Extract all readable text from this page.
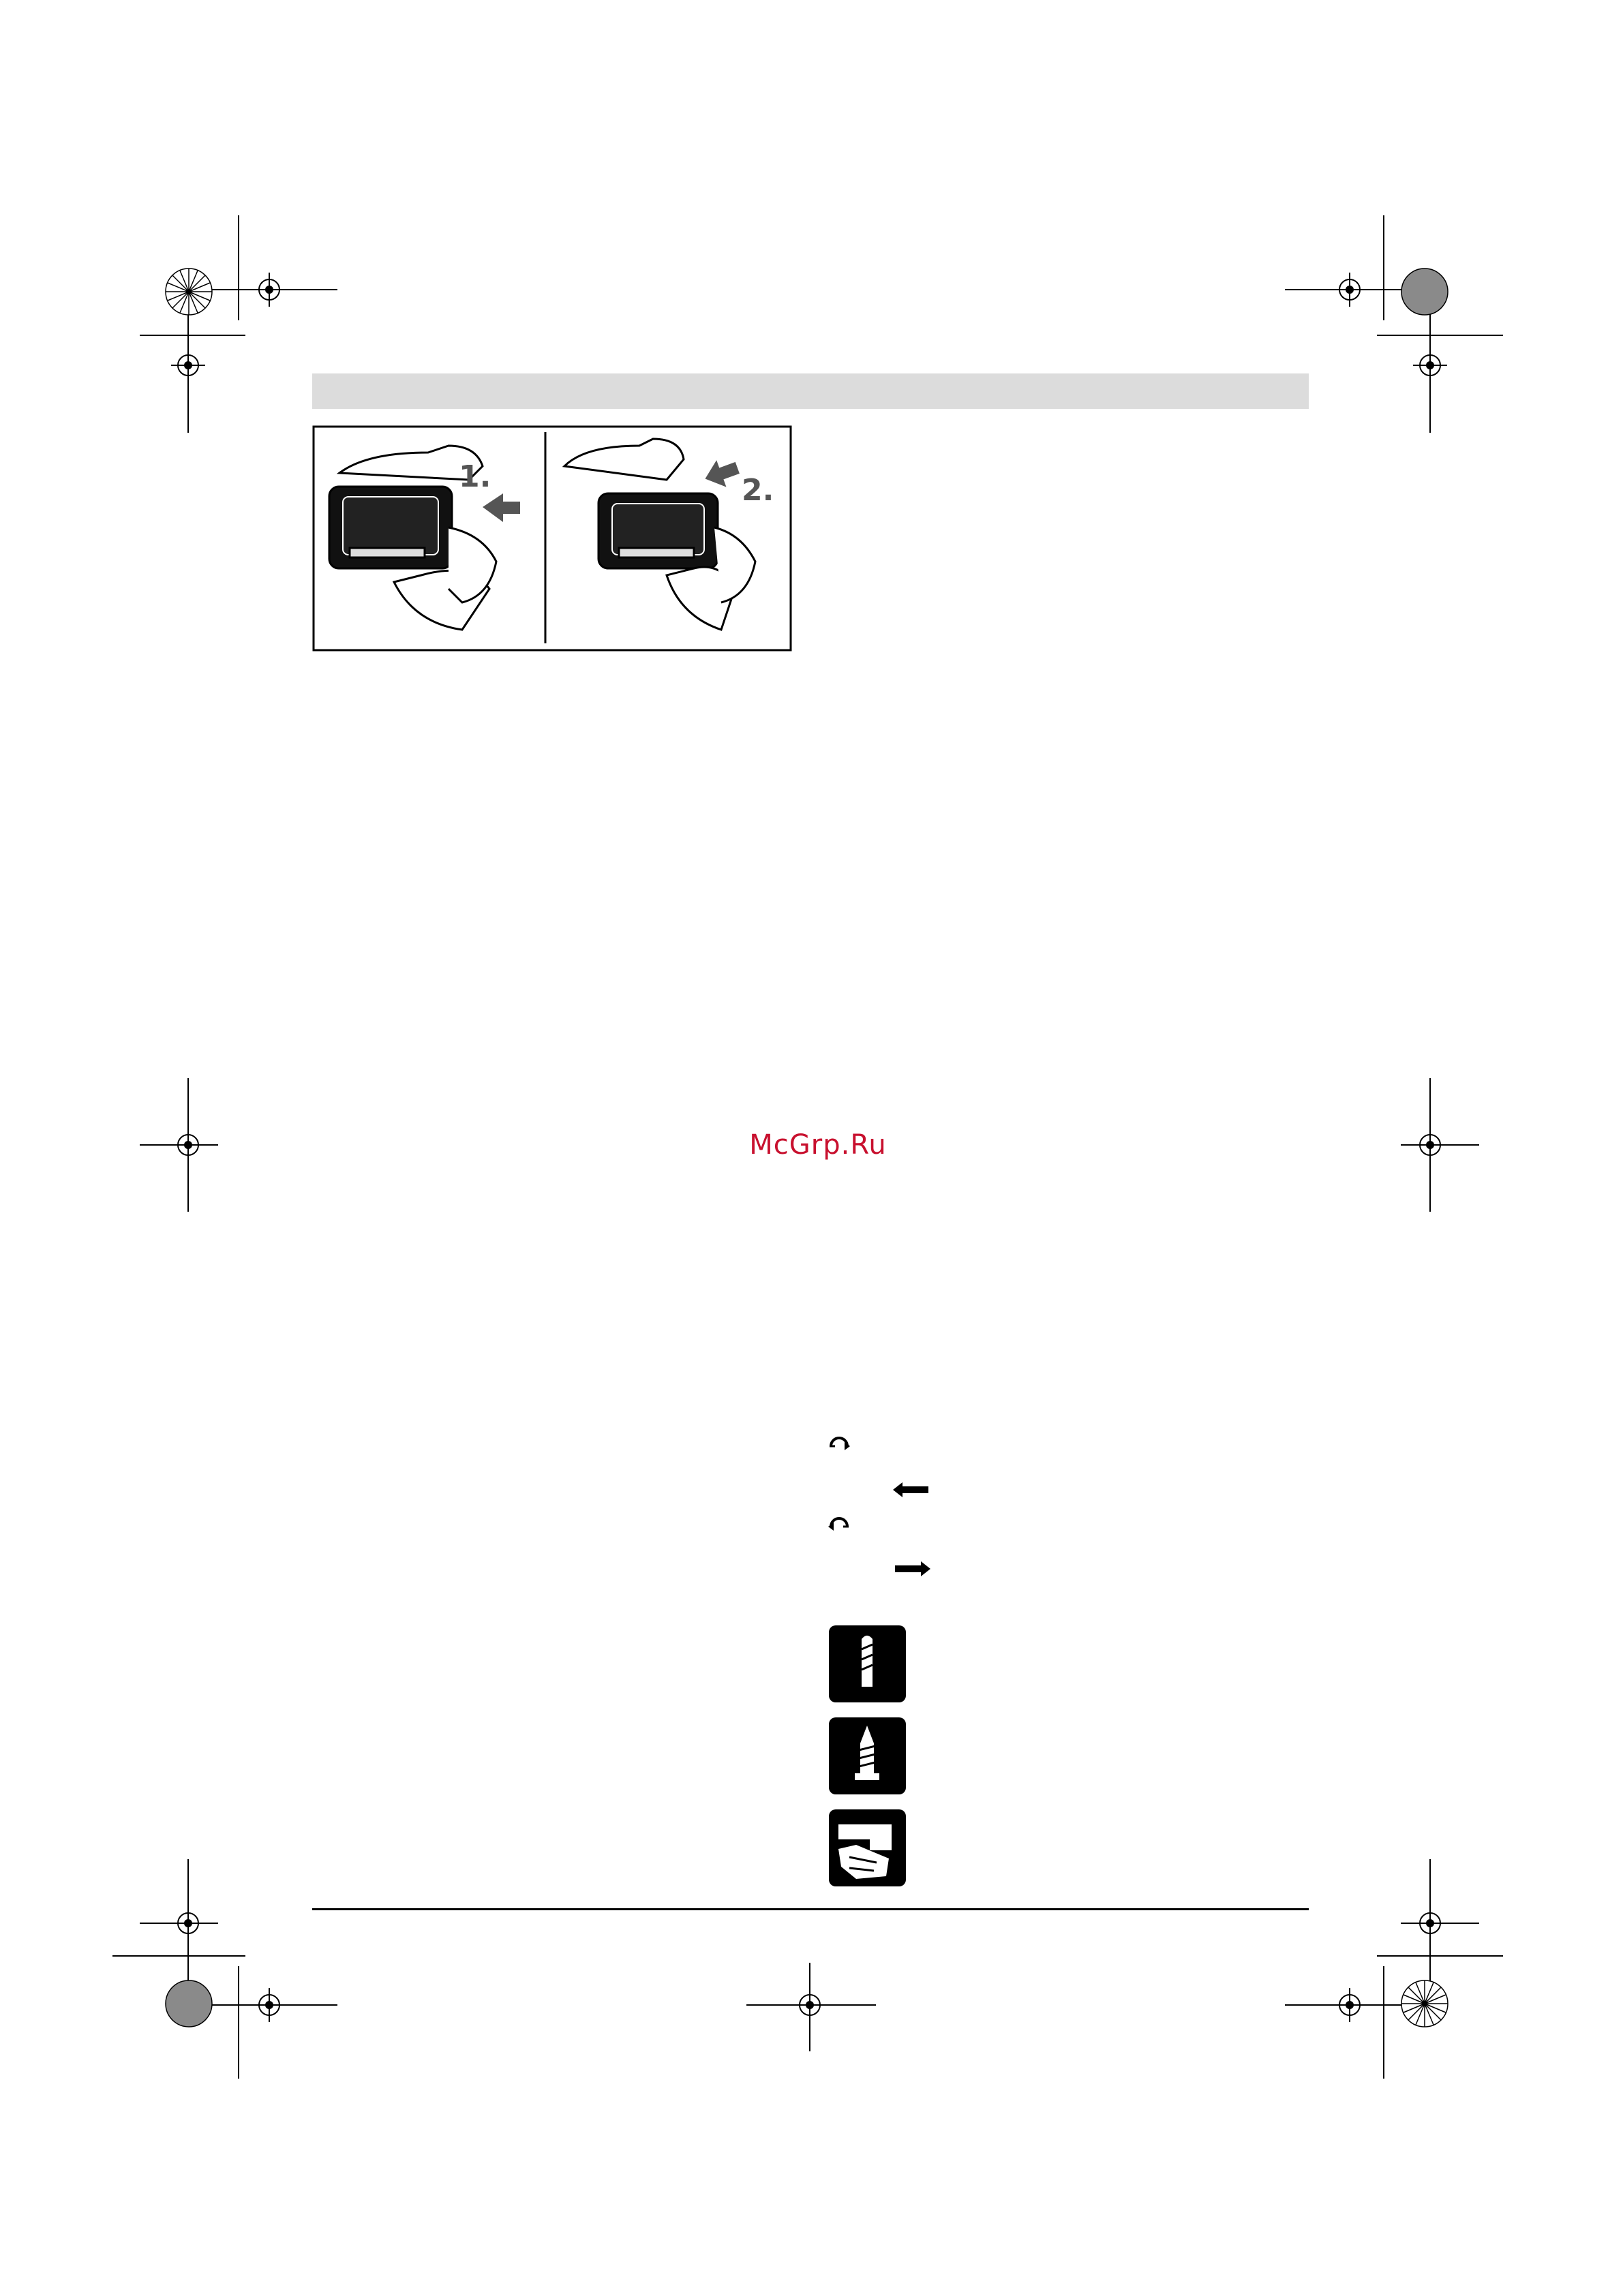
1.	2.
McGrp.Ru
